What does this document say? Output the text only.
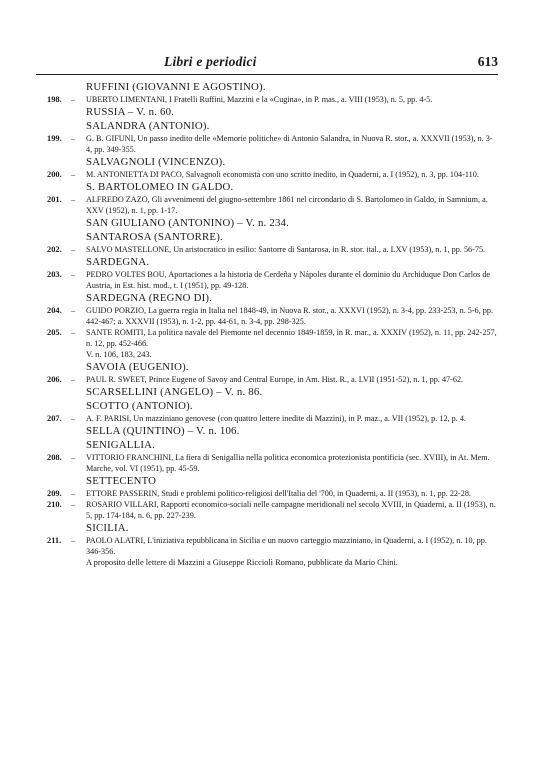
Libri e periodici	613
RUFFINI (GIOVANNI E AGOSTINO).
198. – UBERTO LIMENTANI, I Fratelli Ruffini, Mazzini e la «Cugina», in P. mas., a. VIII (1953), n. 5, pp. 4-5.
RUSSIA – V. n. 60.
SALANDRA (ANTONIO).
199. – G. B. GIFUNI, Un passo inedito delle «Memorie politiche» di Antonio Salandra, in Nuova R. stor., a. XXXVII (1953), n. 3-4, pp. 349-355.
SALVAGNOLI (VINCENZO).
200. – M. ANTONIETTA DI PACO, Salvagnoli economista con uno scritto inedito, in Quaderni, a. I (1952), n. 3, pp. 104-110.
S. BARTOLOMEO IN GALDO.
201. – ALFREDO ZAZO, Gli avvenimenti del giugno-settembre 1861 nel circondario di S. Bartolomeo in Galdo, in Samnium, a. XXV (1952), n. 1, pp. 1-17.
SAN GIULIANO (ANTONINO) – V. n. 234.
SANTAROSA (SANTORRE).
202. – SALVO MASTELLONE, Un aristocratico in esilio: Santorre di Santarosa, in R. stor. ital., a. LXV (1953), n. 1, pp. 56-75.
SARDEGNA.
203. – PEDRO VOLTES BOU, Aportaciones a la historia de Cerdeña y Nápoles durante el dominio du Archiduque Don Carlos de Austria, in Est. hist. mod., t. I (1951), pp. 49-128.
SARDEGNA (REGNO DI).
204. – GUIDO PORZIO, La guerra regia in Italia nel 1848-49, in Nuova R. stor., a. XXXVI (1952), n. 3-4, pp. 233-253, n. 5-6, pp. 442-467; a. XXXVII (1953), n. 1-2, pp. 44-61, n. 3-4, pp. 298-325.
205. – SANTE ROMITI, La politica navale del Piemonte nel decennio 1849-1859, in R. mar., a. XXXIV (1952), n. 11, pp. 242-257, n. 12, pp. 452-466.
V. n. 106, 183, 243.
SAVOIA (EUGENIO).
206. – PAUL R. SWEET, Prince Eugene of Savoy and Central Europe, in Am. Hist. R., a. LVII (1951-52), n. 1, pp. 47-62.
SCARSELLINI (ANGELO) – V. n. 86.
SCOTTO (ANTONIO).
207. – A. F. PARISI, Un mazziniano genovese (con quattro lettere inedite di Mazzini), in P. maz., a. VII (1952), p. 12, p. 4.
SELLA (QUINTINO) – V. n. 106.
SENIGALLIA.
208. – VITTORIO FRANCHINI, La fiera di Senigallia nella politica economica protezionista pontificia (sec. XVIII), in At. Mem. Marche, vol. VI (1951), pp. 45-59.
SETTECENTO
209. – ETTORE PASSERIN, Studi e problemi politico-religiosi dell'Italia del '700, in Quaderni, a. II (1953), n. 1, pp. 22-28.
210. – ROSARIO VILLARI, Rapporti economico-sociali nelle campagne meridionali nel secolo XVIII, in Quaderni, a. II (1953), n. 5, pp. 174-184, n. 6, pp. 227-239.
SICILIA.
211. – PAOLO ALATRI, L'iniziativa repubblicana in Sicilia e un nuovo carteggio mazziniano, in Quaderni, a. I (1952), n. 10, pp. 346-356.
A proposito delle lettere di Mazzini a Giuseppe Ricciolì Romano, pubblicate da Mario Chini.
